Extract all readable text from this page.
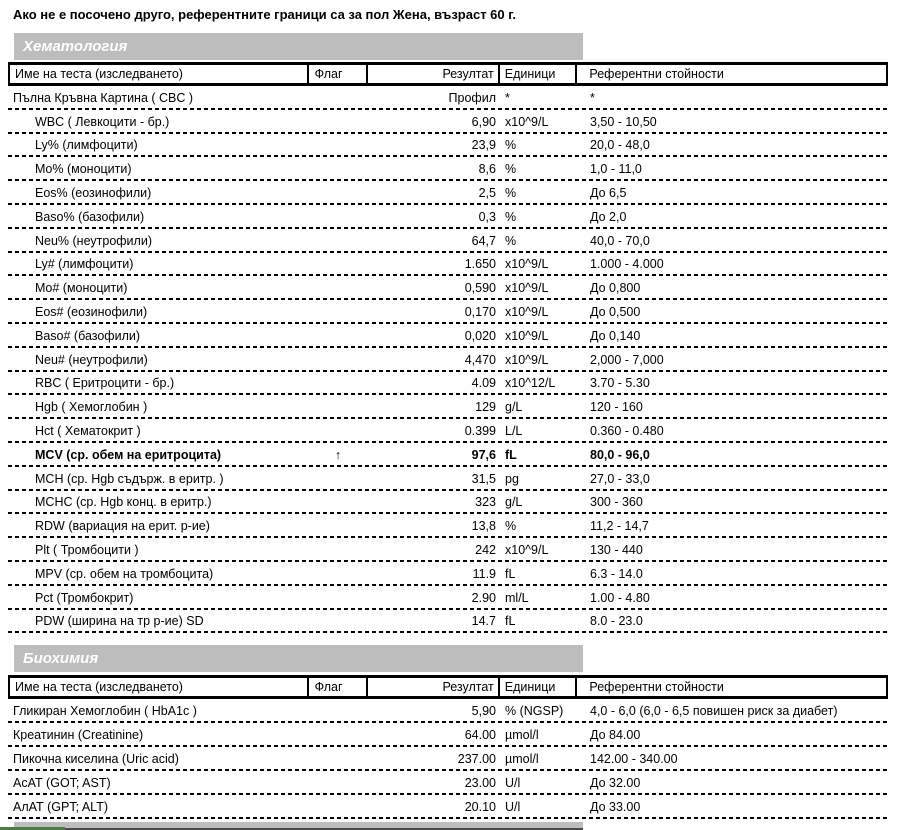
Ако не е посочено друго, референтните граници са за пол Жена, възраст 60 г.
Хематология
Име на теста (изследването)	Флаг	Резултат Единици	Референтни стойности
Пълна Кръвна Картина ( CBC )	Профил *	*
WBC ( Левкоцити - бр.)	6,90 x10^9/L	3,50 - 10,50
Ly% (лимфоцити)	23,9 %	20,0 - 48,0
Mo% (моноцити)	8,6 %	1,0 - 11,0
Eos% (еозинофили)	2,5 %	До 6,5
Baso% (базофили)	0,3 %	До 2,0
Neu% (неутрофили)	64,7 %	40,0 - 70,0
Ly# (лимфоцити)	1.650 x10^9/L	1.000 - 4.000
Mo# (моноцити)	0,590 x10^9/L	До 0,800
Eos# (еозинофили)	0,170 x10^9/L	До 0,500
Baso# (базофили)	0,020 x10^9/L	До 0,140
Neu# (неутрофили)	4,470 x10^9/L	2,000 - 7,000
RBC ( Еритроцити - бр.)	4.09 x10^12/L	3.70 - 5.30
Hgb ( Хемоглобин )	129 g/L	120 - 160
Hct ( Хематокрит )	0.399 L/L	0.360 - 0.480
MCV (ср. обем на еритроцита)	↑	97,6 fL	80,0 - 96,0
MCH (ср. Hgb съдърж. в еритр. )	31,5 pg	27,0 - 33,0
MCHC (ср. Hgb конц. в еритр.)	323 g/L	300 - 360
RDW (вариация на ерит. р-ие)	13,8 %	11,2 - 14,7
Plt ( Тромбоцити )	242 x10^9/L	130 - 440
MPV (ср. обем на тромбоцита)	11.9 fL	6.3 - 14.0
Pct (Тромбокрит)	2.90 ml/L	1.00 - 4.80
PDW (ширина на тр р-ие) SD	14.7 fL	8.0 - 23.0
Биохимия
Име на теста (изследването)	Флаг	Резултат Единици	Референтни стойности
Гликиран Хемоглобин ( HbA1c )	5,90 % (NGSP)	4,0 - 6,0 (6,0 - 6,5 повишен риск за диабет)
Креатинин (Creatinine)	64.00 µmol/l	До 84.00
Пикочна киселина (Uric acid)	237.00 µmol/l	142.00 - 340.00
АсАТ (GOT; AST)	23.00 U/l	До 32.00
АлАТ (GPT; ALT)	20.10 U/l	До 33.00
